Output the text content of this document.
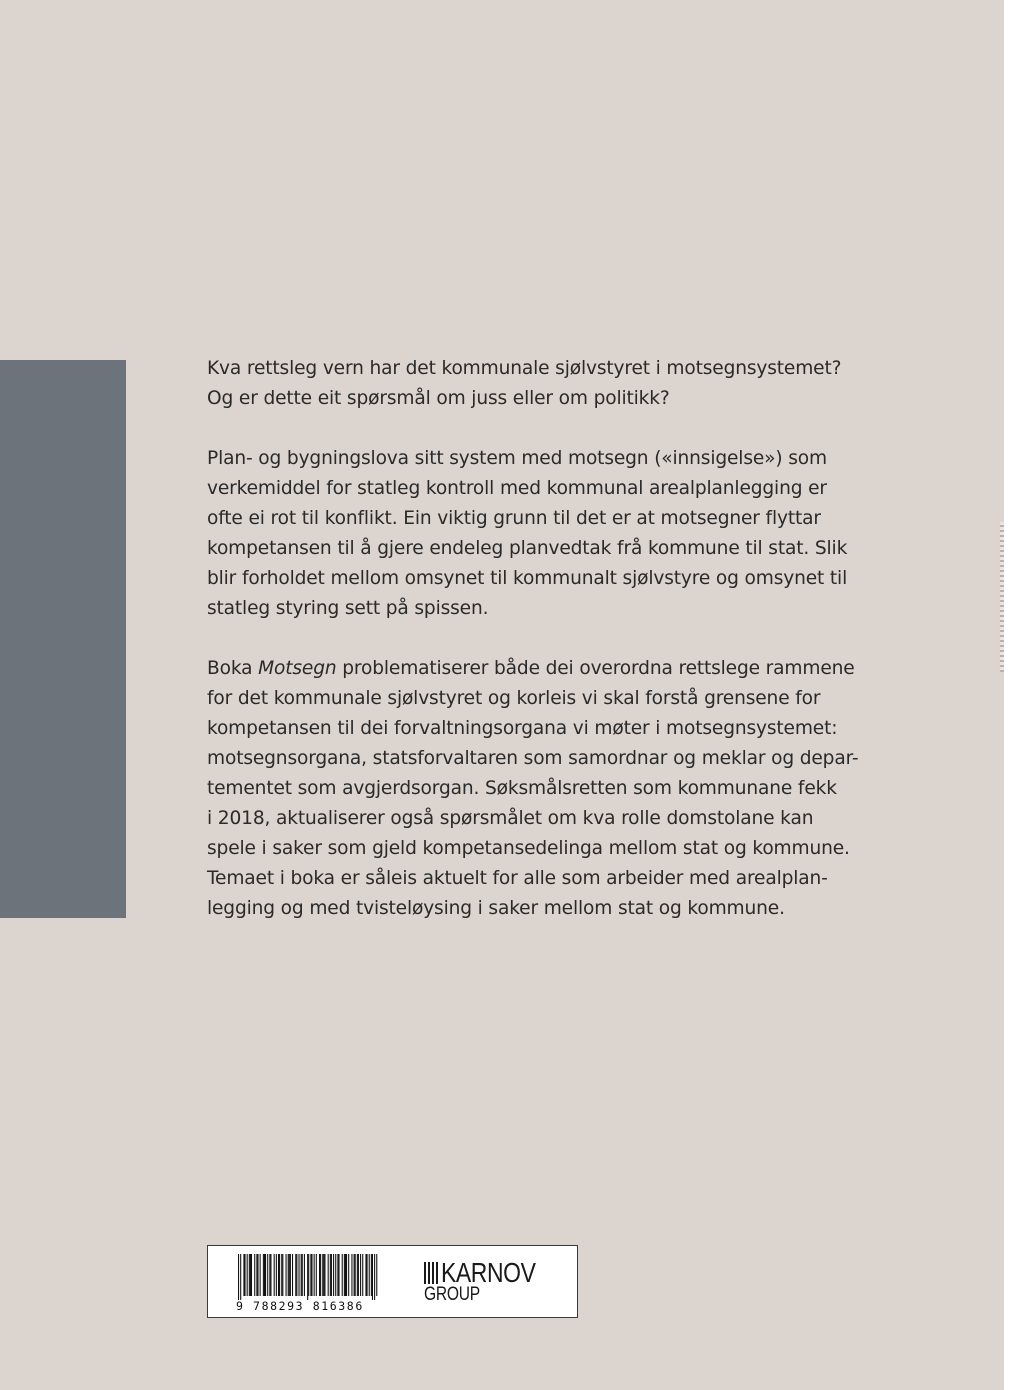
Kva rettsleg vern har det kommunale sjølvstyret i motsegnsystemet?
Og er dette eit spørsmål om juss eller om politikk?

Plan- og bygningslova sitt system med motsegn («innsigelse») som
verkemiddel for statleg kontroll med kommunal arealplanlegging er
ofte ei rot til konflikt. Ein viktig grunn til det er at motsegner flyttar
kompetansen til å gjere endeleg planvedtak frå kommune til stat. Slik
blir forholdet mellom omsynet til kommunalt sjølvstyre og omsynet til
statleg styring sett på spissen.

Boka Motsegn problematiserer både dei overordna rettslege rammene
for det kommunale sjølvstyret og korleis vi skal forstå grensene for
kompetansen til dei forvaltningsorgana vi møter i motsegnsystemet:
motsegnsorgana, statsforvaltaren som samordnar og meklar og depar-
tementet som avgjerdsorgan. Søksmålsretten som kommunane fekk
i 2018, aktualiserer også spørsmålet om kva rolle domstolane kan
spele i saker som gjeld kompetansedelinga mellom stat og kommune.
Temaet i boka er såleis aktuelt for alle som arbeider med arealplan-
legging og med tvisteløysing i saker mellom stat og kommune.

9 788293 816386
KARNOV
GROUP
